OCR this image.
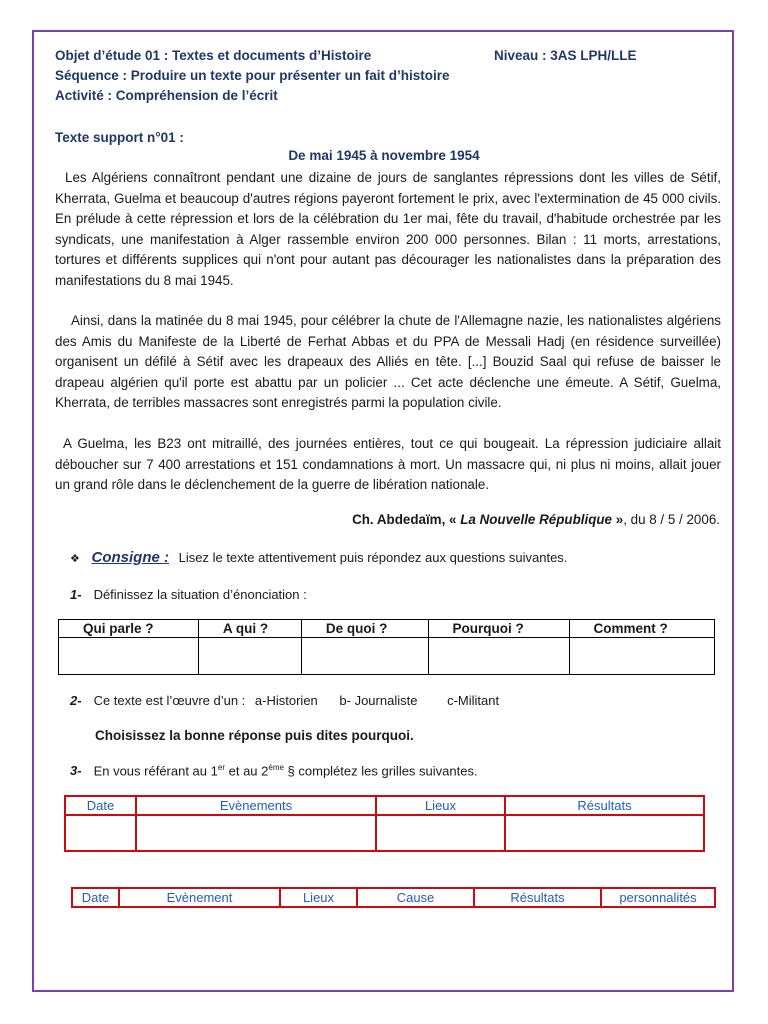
Objet d’étude 01 : Textes et documents d’Histoire	Niveau : 3AS LPH/LLE
Séquence : Produire un texte pour présenter un fait d’histoire
Activité : Compréhension de l’écrit
Texte support n°01 :
De mai 1945 à novembre 1954
Les Algériens connaîtront pendant une dizaine de jours de sanglantes répressions dont les villes de Sétif, Kherrata, Guelma et beaucoup d'autres régions payeront fortement le prix, avec l'extermination de 45 000 civils. En prélude à cette répression et lors de la célébration du 1er mai, fête du travail, d'habitude orchestrée par les syndicats, une manifestation à Alger rassemble environ 200 000 personnes. Bilan : 11 morts, arrestations, tortures et différents supplices qui n'ont pour autant pas décourager les nationalistes dans la préparation des manifestations du 8 mai 1945.
Ainsi, dans la matinée du 8 mai 1945, pour célébrer la chute de l'Allemagne nazie, les nationalistes algériens des Amis du Manifeste de la Liberté de Ferhat Abbas et du PPA de Messali Hadj (en résidence surveillée) organisent un défilé à Sétif avec les drapeaux des Alliés en tête. [...] Bouzid Saal qui refuse de baisser le drapeau algérien qu'il porte est abattu par un policier ... Cet acte déclenche une émeute. A Sétif, Guelma, Kherrata, de terribles massacres sont enregistrés parmi la population civile.
A Guelma, les B23 ont mitraillé, des journées entières, tout ce qui bougeait. La répression judiciaire allait déboucher sur 7 400 arrestations et 151 condamnations à mort. Un massacre qui, ni plus ni moins, allait jouer un grand rôle dans le déclenchement de la guerre de libération nationale.
Ch. Abdedaïm, « La Nouvelle République », du 8 / 5 / 2006.
❖ Consigne : Lisez le texte attentivement puis répondez aux questions suivantes.
1- Définissez la situation d’énonciation :
Qui parle ?	A qui ?	De quoi ?	Pourquoi ?	Comment ?

2- Ce texte est l’œuvre d’un : a-Historien b- Journaliste c-Militant
Choisissez la bonne réponse puis dites pourquoi.
3- En vous référant au 1er et au 2ème § complétez les grilles suivantes.
Date	Evènements	Lieux	Résultats

Date	Evènement	Lieux	Cause	Résultats	personnalités
